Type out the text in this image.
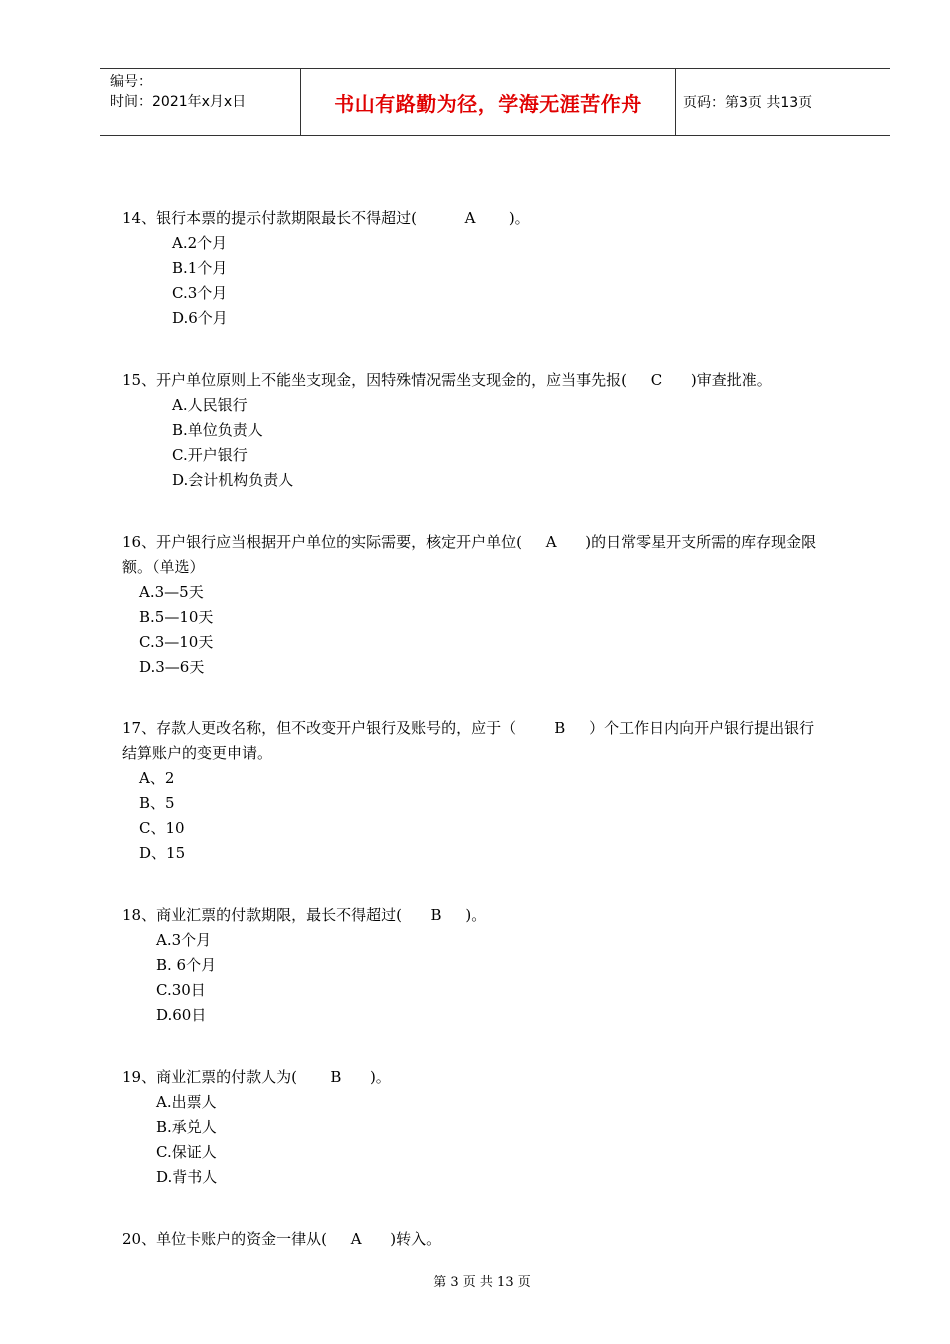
编号：
时间：2021年x月x日	书山有路勤为径，学海无涯苦作舟	页码：第3页 共13页

14、银行本票的提示付款期限最长不得超过(          A       )。

A.2个月
B.1个月
C.3个月
D.6个月

15、开户单位原则上不能坐支现金，因特殊情况需坐支现金的，应当事先报(     C      )审查批准。

A.人民银行
B.单位负责人
C.开户银行
D.会计机构负责人

16、开户银行应当根据开户单位的实际需要，核定开户单位(     A      )的日常零星开支所需的库存现金限

额。（单选）

A.3—5天
B.5—10天
C.3—10天
D.3—6天

17、存款人更改名称，但不改变开户银行及账号的，应于（        B     ）个工作日内向开户银行提出银行

结算账户的变更申请。

A、2
B、5
C、10
D、15

18、商业汇票的付款期限，最长不得超过(      B     )。

A.3个月
B. 6个月
C.30日
D.60日

19、商业汇票的付款人为(       B      )。

A.出票人
B.承兑人
C.保证人
D.背书人

20、单位卡账户的资金一律从(     A      )转入。

第 3 页 共 13 页
